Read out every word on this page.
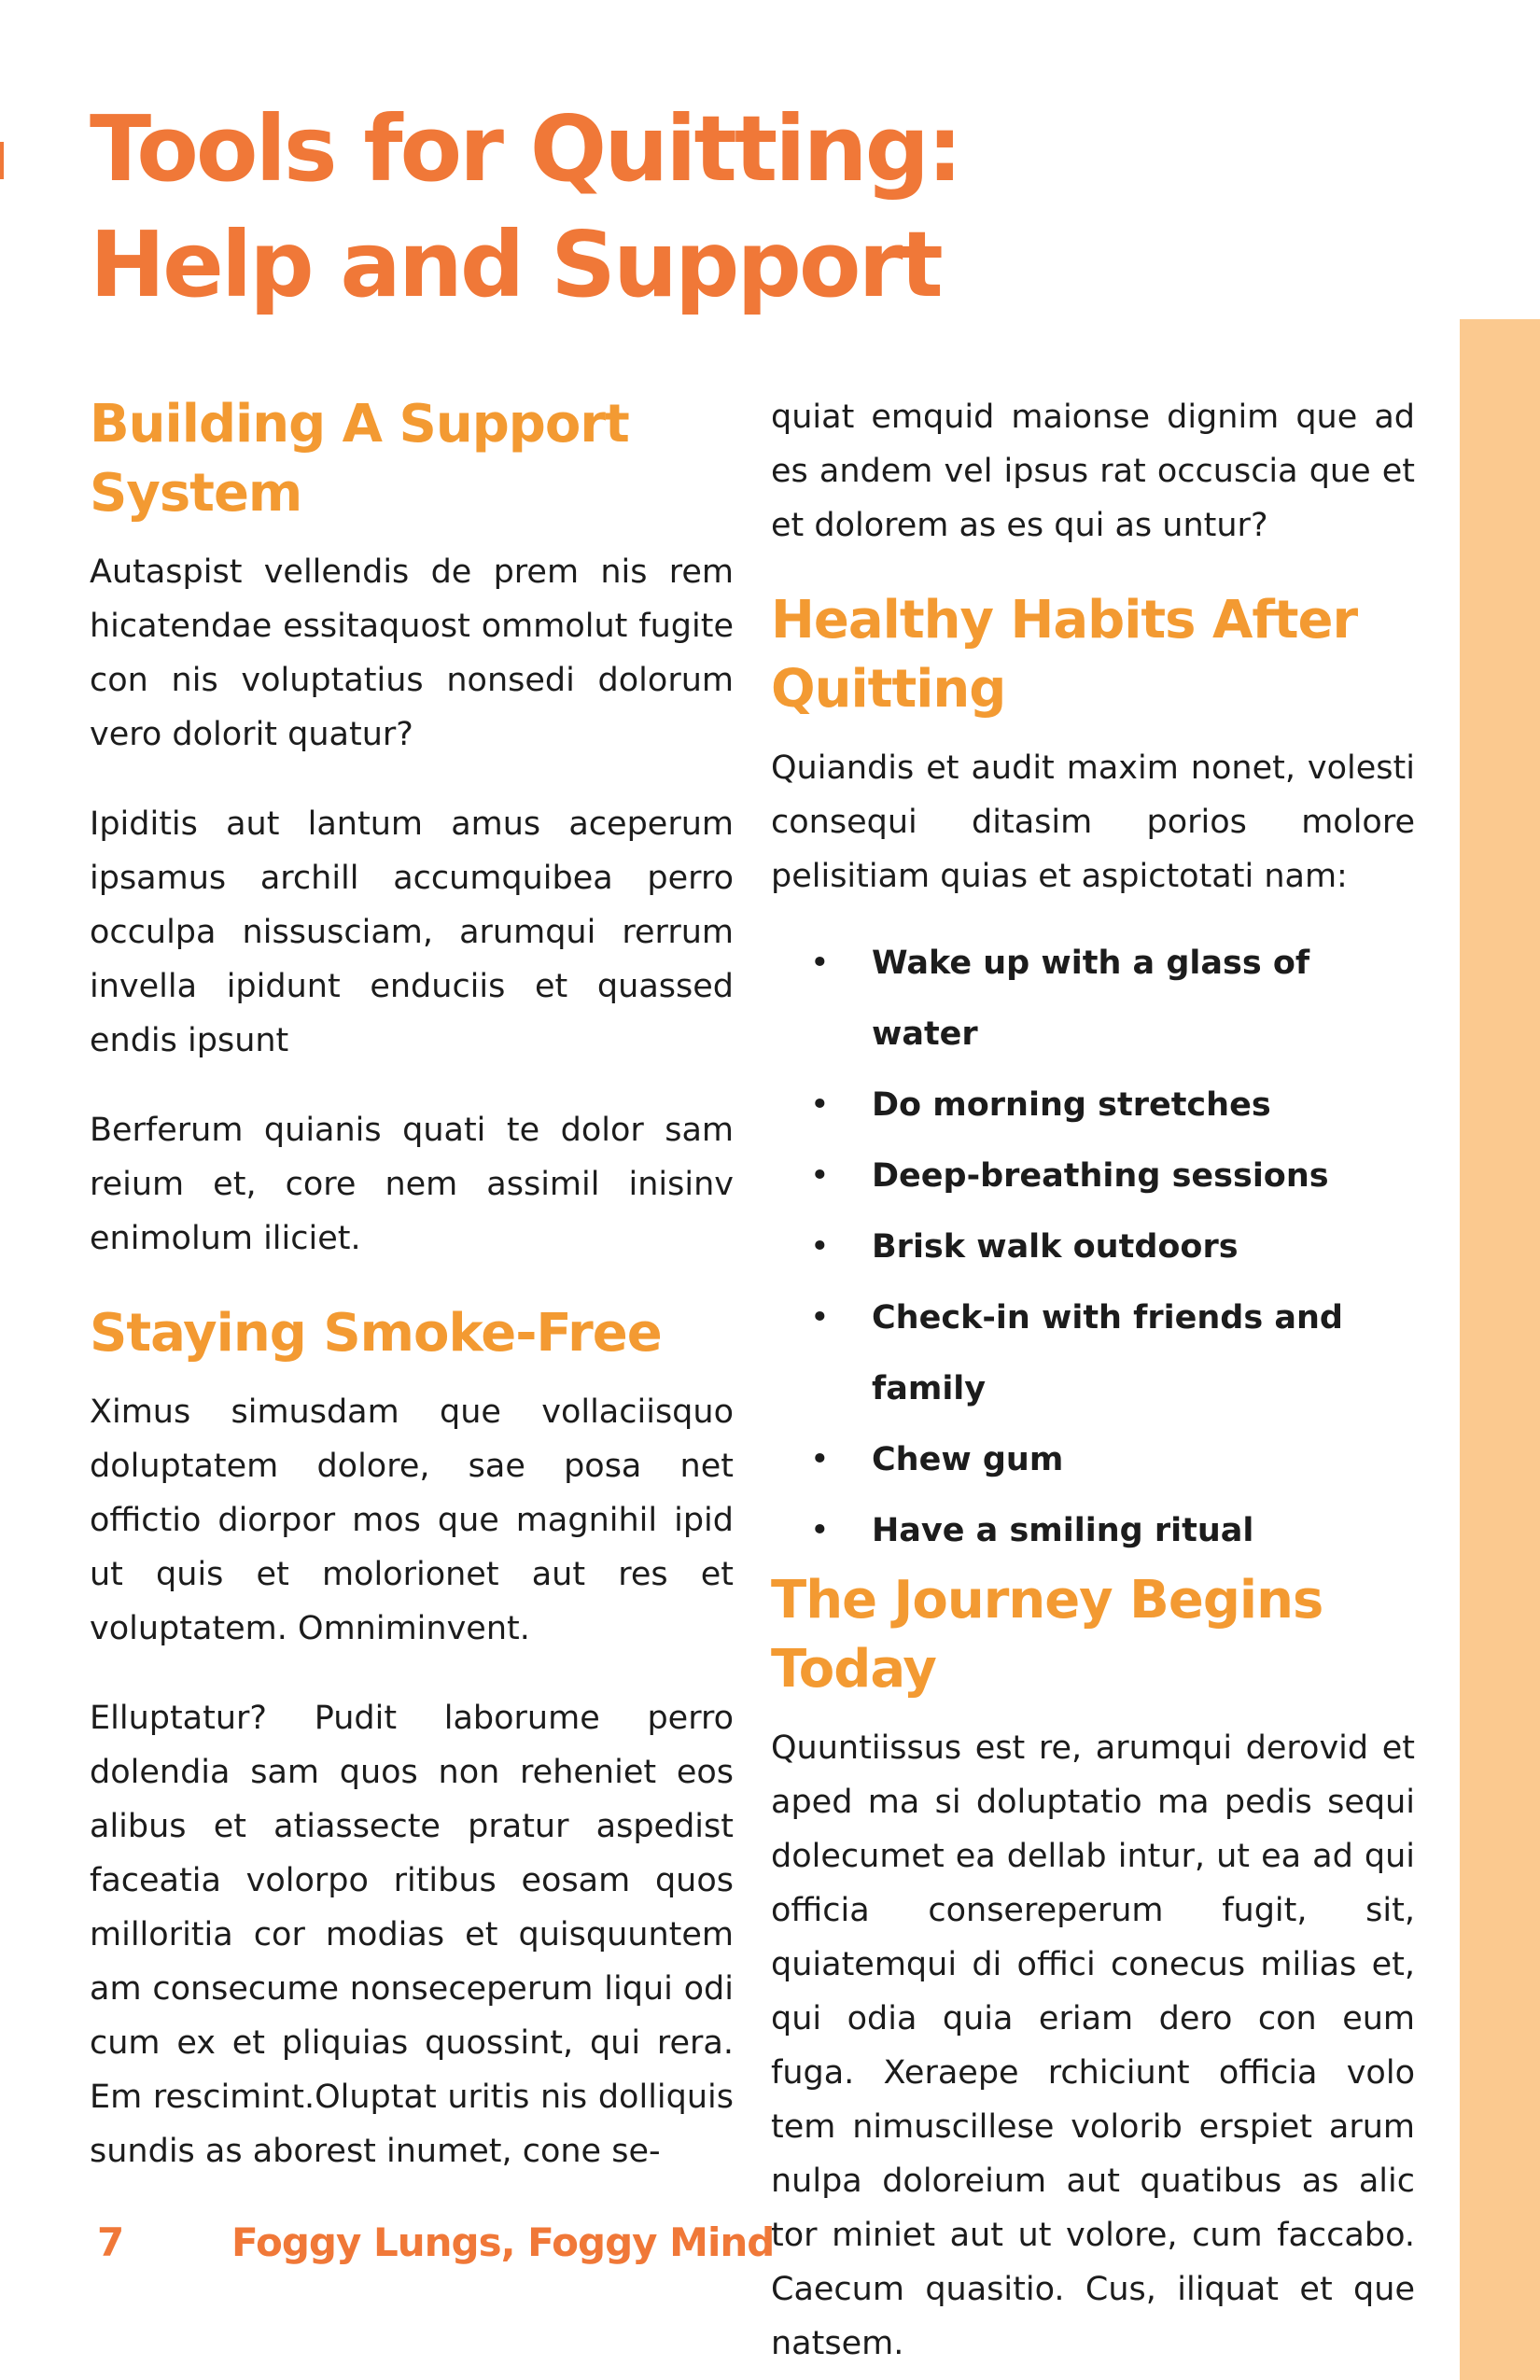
Tools for Quitting:
Help and Support
Building A Support
System

Autaspist vellendis de prem nis rem hicatendae essitaquost ommolut fugite con nis voluptatius nonsedi dolorum vero dolorit quatur?

Ipiditis aut lantum amus aceperum ipsamus archill accumquibea perro occulpa nissusciam, arumqui rerrum invella ipidunt enduciis et quassed endis ipsunt

Berferum quianis quati te dolor sam reium et, core nem assimil inisinv enimolum iliciet.

Staying Smoke-Free

Ximus simusdam que vollaciisquo doluptatem dolore, sae posa net offictio diorpor mos que magnihil ipid ut quis et molorionet aut res et voluptatem. Omniminvent.

Elluptatur? Pudit laborume perro dolendia sam quos non reheniet eos alibus et atiassecte pratur aspedist faceatia volorpo ritibus eosam quos milloritia cor modias et quisquuntem am consecume nonseceperum liqui odi cum ex et pliquias quossint, qui rera. Em rescimint.Oluptat uritis nis dolliquis sundis as aborest inumet, cone se-

quiat emquid maionse dignim que ad es andem vel ipsus rat occuscia que et et dolorem as es qui as untur?

Healthy Habits After
Quitting

Quiandis et audit maxim nonet, volesti consequi ditasim porios molore pelisitiam quias et aspictotati nam:

• Wake up with a glass of water
• Do morning stretches
• Deep-breathing sessions
• Brisk walk outdoors
• Check-in with friends and family
• Chew gum
• Have a smiling ritual
The Journey Begins
Today

Quuntiissus est re, arumqui derovid et aped ma si doluptatio ma pedis sequi dolecumet ea dellab intur, ut ea ad qui officia consereperum fugit, sit, quiatemqui di offici conecus milias et, qui odia quia eriam dero con eum fuga. Xeraepe rchiciunt officia volo tem nimuscillese volorib erspiet arum nulpa doloreium aut quatibus as alic tor miniet aut ut volore, cum faccabo. Caecum quasitio. Cus, iliquat et que natsem.

7	Foggy Lungs, Foggy Mind
